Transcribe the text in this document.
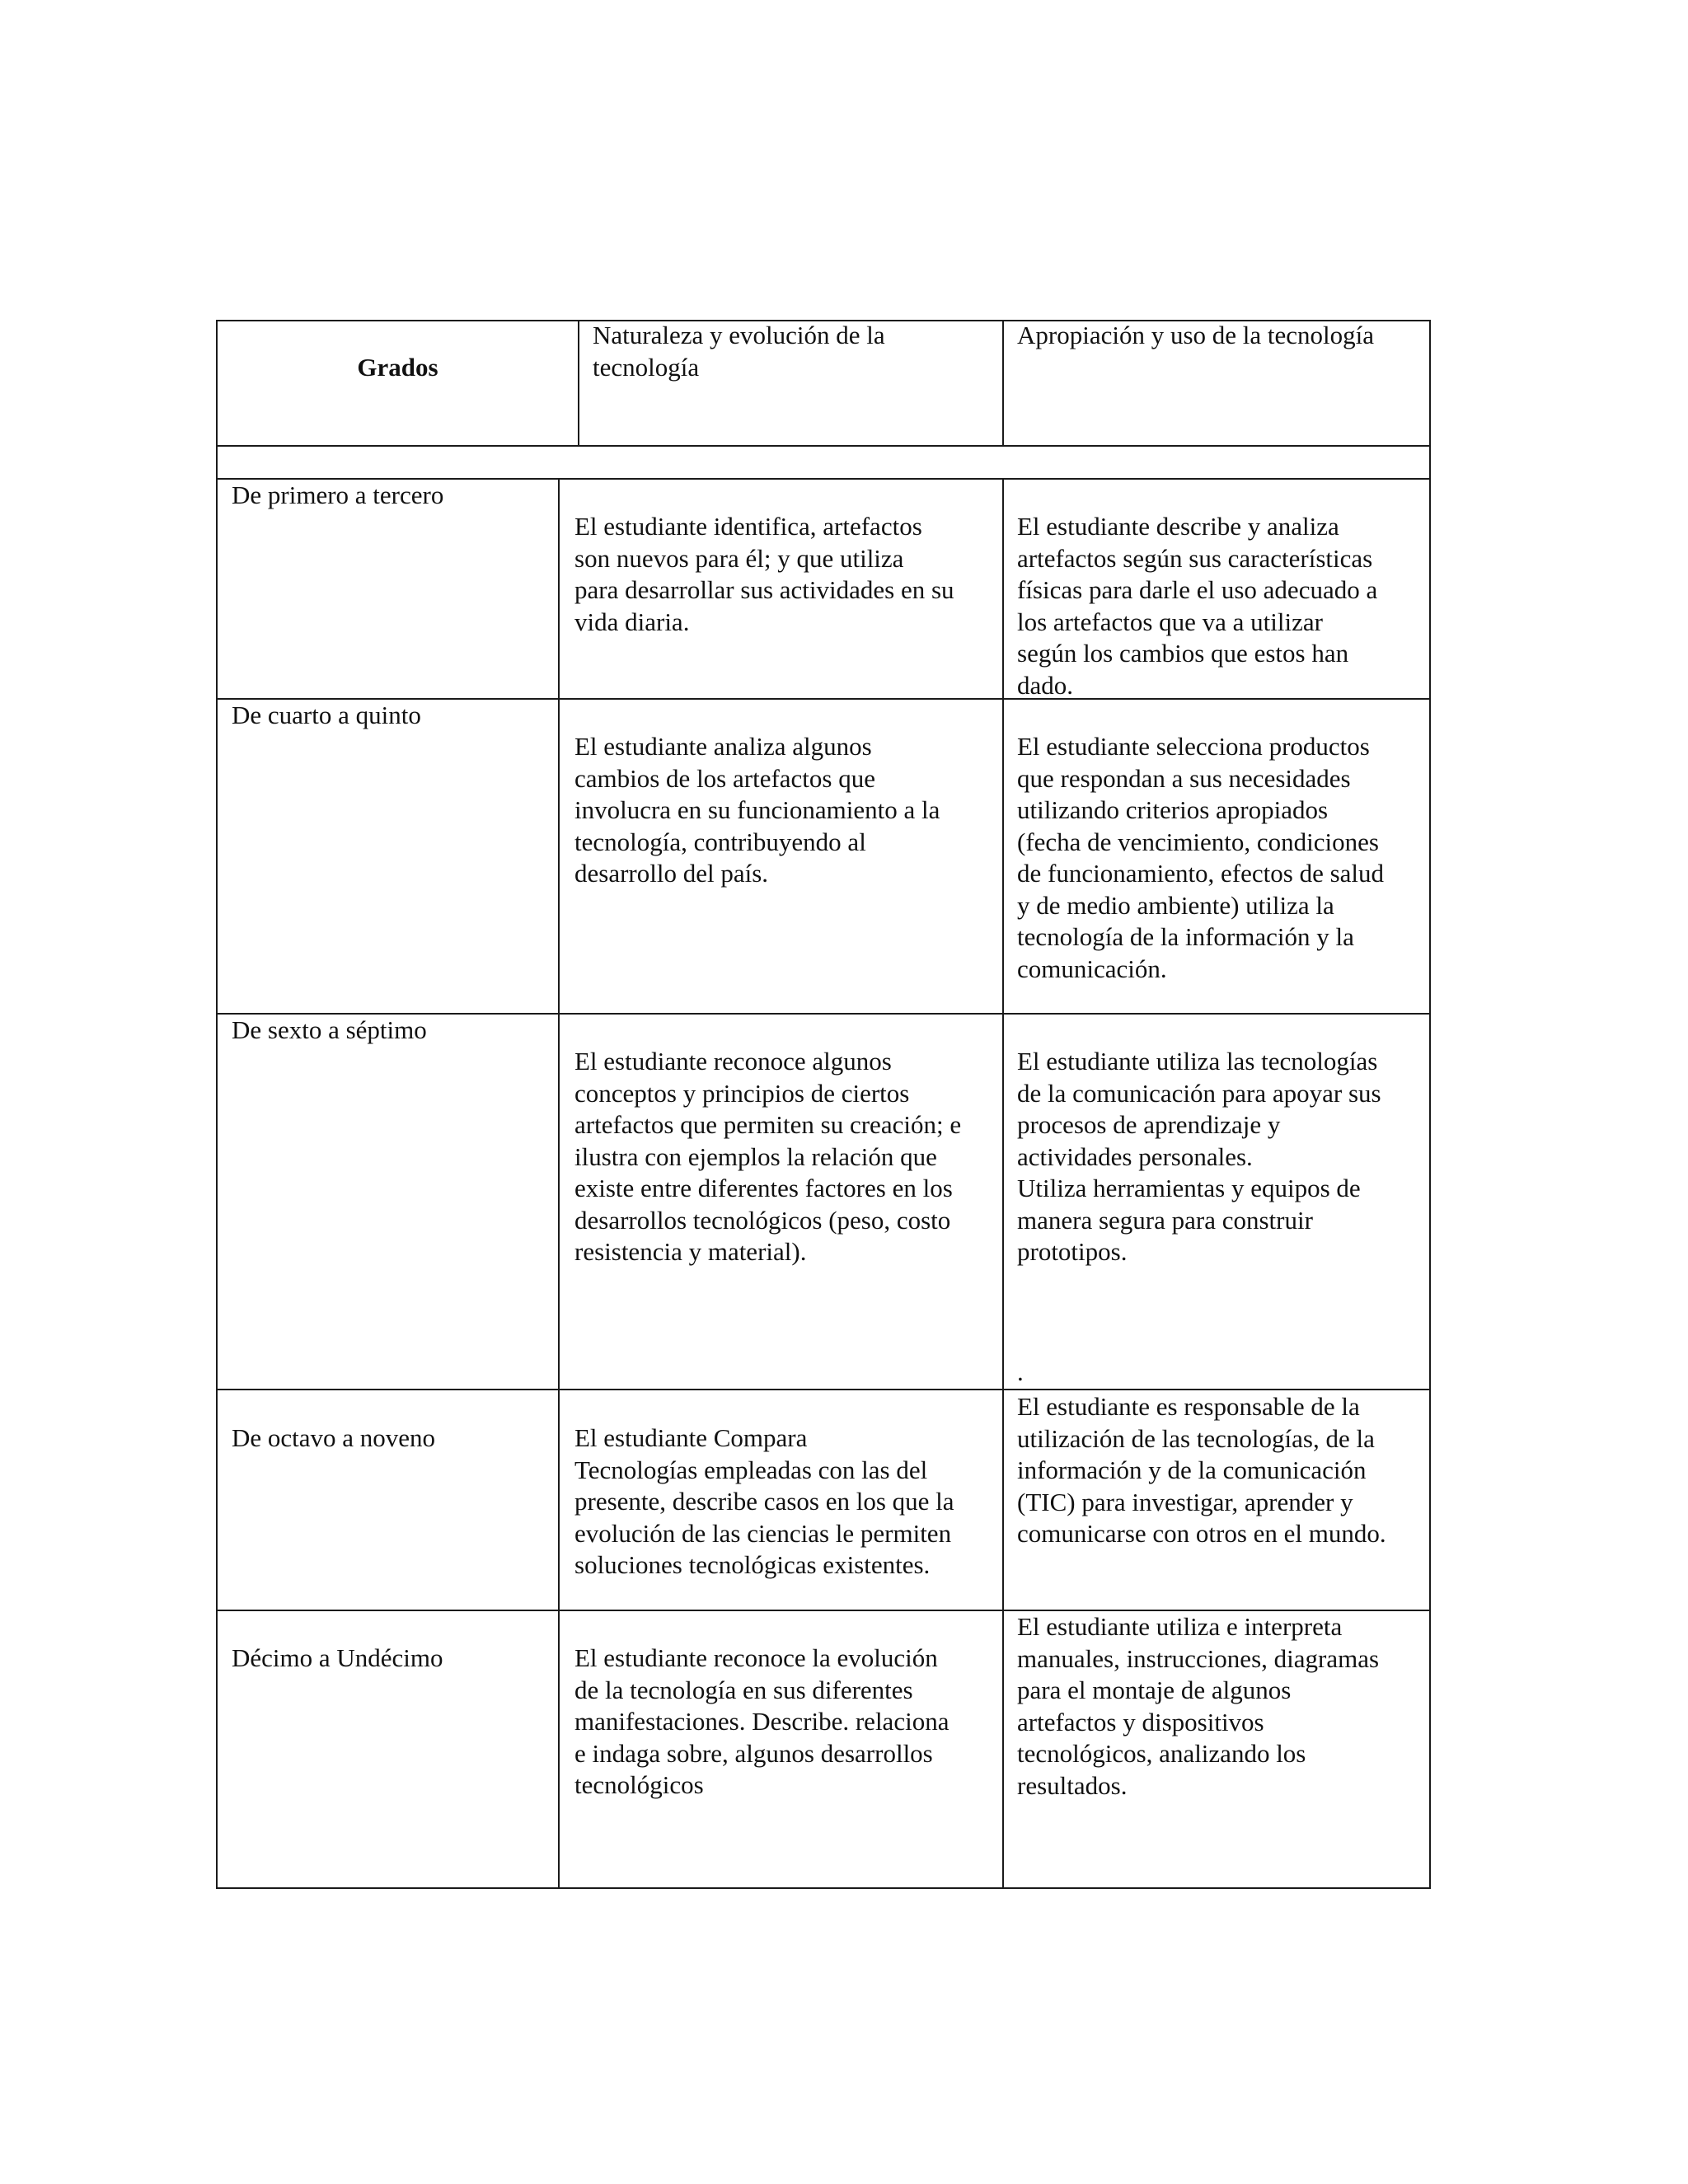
Grados
Naturaleza y evolución de la
tecnología
Apropiación y uso de la tecnología
De primero a tercero
El estudiante identifica, artefactos
son nuevos para él; y que utiliza
para desarrollar sus actividades en su
vida diaria.
El estudiante describe y analiza
artefactos según sus características
físicas para darle el uso adecuado a
los artefactos que va a utilizar
según los cambios que estos han
dado.
De cuarto a quinto
El estudiante analiza algunos
cambios de los artefactos que
involucra en su funcionamiento a la
tecnología, contribuyendo al
desarrollo del país.
El estudiante selecciona productos
que respondan a sus necesidades
utilizando criterios apropiados
(fecha de vencimiento, condiciones
de funcionamiento, efectos de salud
y de medio ambiente) utiliza la
tecnología de la información y la
comunicación.
De sexto a séptimo
El estudiante reconoce algunos
conceptos y principios de ciertos
artefactos que permiten su creación; e
ilustra con ejemplos la relación que
existe entre diferentes factores en los
desarrollos tecnológicos (peso, costo
resistencia y material).
El estudiante utiliza las tecnologías
de la comunicación para apoyar sus
procesos de aprendizaje y
actividades personales.
Utiliza herramientas y equipos de
manera segura para construir
prototipos.
.
De octavo a noveno	El estudiante Compara
Tecnologías empleadas con las del
presente, describe casos en los que la
evolución de las ciencias le permiten
soluciones tecnológicas existentes.
El estudiante es responsable de la
utilización de las tecnologías, de la
información y de la comunicación
(TIC) para investigar, aprender y
comunicarse con otros en el mundo.
Décimo a Undécimo	El estudiante reconoce la evolución
de la tecnología en sus diferentes
manifestaciones. Describe. relaciona
e indaga sobre, algunos desarrollos
tecnológicos
El estudiante utiliza e interpreta
manuales, instrucciones, diagramas
para el montaje de algunos
artefactos y dispositivos
tecnológicos, analizando los
resultados.
